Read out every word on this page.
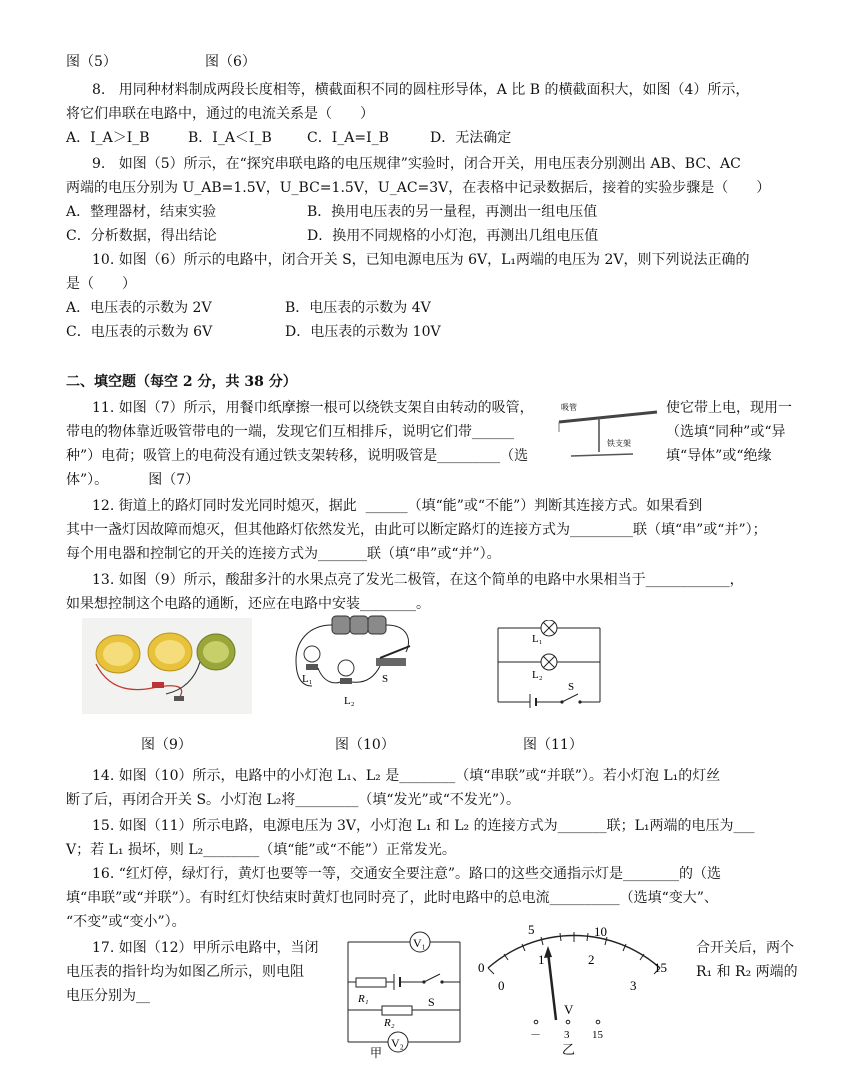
图（5）	图（6）
8.   用同种材料制成两段长度相等，横截面积不同的圆柱形导体，A 比 B 的横截面积大，如图（4）所示，
将它们串联在电路中，通过的电流关系是（　　）
A．I_A＞I_B	B．I_A＜I_B	C．I_A=I_B	D．无法确定
9.   如图（5）所示，在“探究串联电路的电压规律”实验时，闭合开关，用电压表分别测出 AB、BC、AC
两端的电压分别为 U_AB=1.5V，U_BC=1.5V，U_AC=3V，在表格中记录数据后，接着的实验步骤是（　　）
A．整理器材，结束实验	B．换用电压表的另一量程，再测出一组电压值
C．分析数据，得出结论	D．换用不同规格的小灯泡，再测出几组电压值
10. 如图（6）所示的电路中，闭合开关 S，已知电源电压为 6V，L₁两端的电压为 2V，则下列说法正确的
是（　　）
A．电压表的示数为 2V	B．电压表的示数为 4V
C．电压表的示数为 6V	D．电压表的示数为 10V
二、填空题（每空 2 分，共 38 分）
11. 如图（7）所示，用餐巾纸摩擦一根可以绕铁支架自由转动的吸管，	使它带上电，现用一
带电的物体靠近吸管带电的一端，发现它们互相排斥，说明它们带______	（选填“同种”或“异
种”）电荷；吸管上的电荷没有通过铁支架转移，说明吸管是_________（选	填“导体”或“绝缘
体”）。         图（7）
吸管
铁支架
12. 街道上的路灯同时发光同时熄灭，据此  ______（填“能”或“不能”）判断其连接方式。如果看到
其中一盏灯因故障而熄灭，但其他路灯依然发光，由此可以断定路灯的连接方式为_________联（填“串”或“并”）；
每个用电器和控制它的开关的连接方式为_______联（填“串”或“并”）。
13. 如图（9）所示，酸甜多汁的水果点亮了发光二极管，在这个简单的电路中水果相当于____________，
如果想控制这个电路的通断，还应在电路中安装________。
L₁
L₂
S
L₁
L₂
S
图（9）	图（10）	图（11）
14. 如图（10）所示，电路中的小灯泡 L₁、L₂ 是________（填“串联”或“并联”）。若小灯泡 L₁的灯丝
断了后，再闭合开关 S。小灯泡 L₂将_________（填“发光”或“不发光”）。
15. 如图（11）所示电路，电源电压为 3V，小灯泡 L₁ 和 L₂ 的连接方式为_______联；L₁两端的电压为___
V；若 L₁ 损坏，则 L₂________（填“能”或“不能”）正常发光。
16. “红灯停，绿灯行，黄灯也要等一等，交通安全要注意”。路口的这些交通指示灯是________的（选
填“串联”或“并联”）。有时红灯快结束时黄灯也同时亮了，此时电路中的总电流__________（选填“变大”、
“不变”或“变小”）。
17. 如图（12）甲所示电路中，当闭	合开关后，两个
电压表的指针均为如图乙所示，则电阻	R₁ 和 R₂ 两端的
电压分别为__
V₁
R₁	S
R₂
V₂
甲
0
5	10
15
0
1	2
3
V
－ 3 15
乙
